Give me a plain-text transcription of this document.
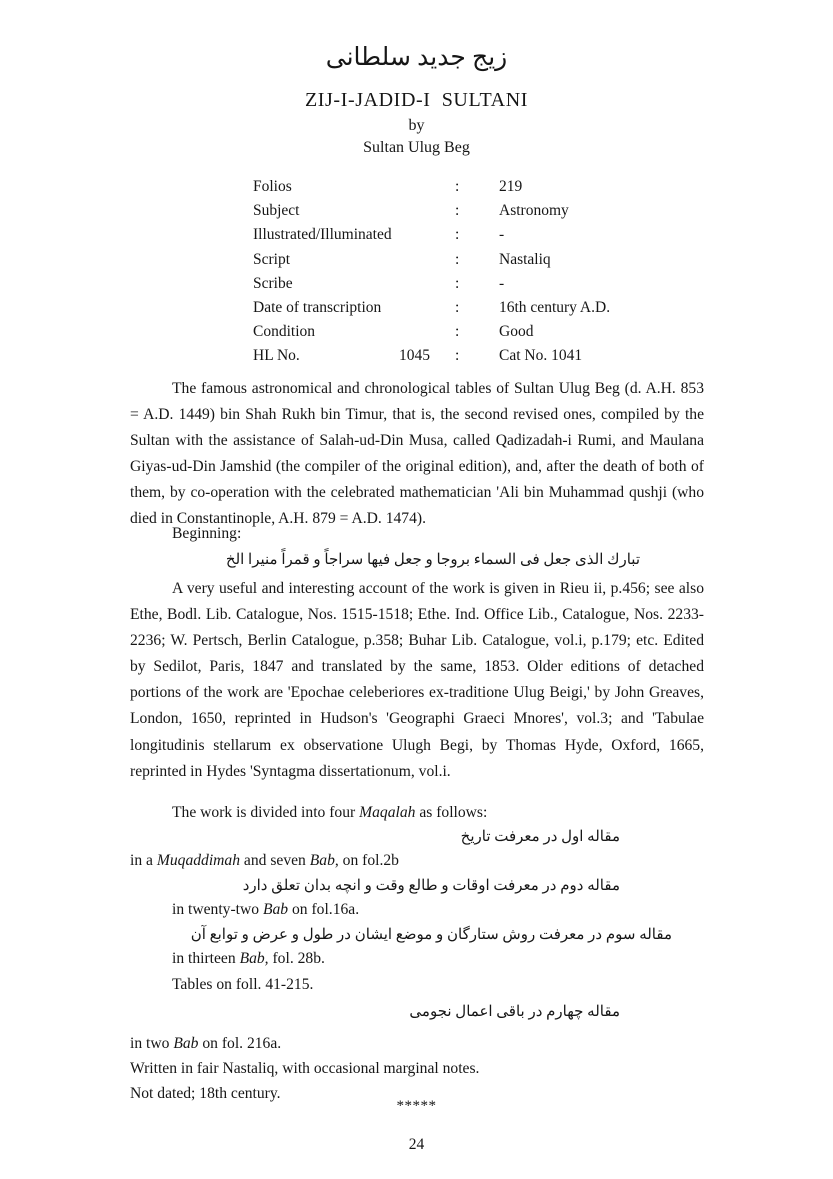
زيج جديد سلطانى
ZIJ-I-JADID-I  SULTANI
by
Sultan Ulug Beg
Folios		:	219
Subject		:	Astronomy
Illustrated/Illuminated		:	-
Script		:	Nastaliq
Scribe		:	-
Date of transcription		:	16th century A.D.
Condition		:	Good
HL No.	1045	:	Cat No. 1041
The famous astronomical and chronological tables of Sultan Ulug Beg (d. A.H. 853 = A.D. 1449) bin Shah Rukh bin Timur, that is, the second revised ones, compiled by the Sultan with the assistance of Salah-ud-Din Musa, called Qadizadah-i Rumi, and Maulana Giyas-ud-Din Jamshid (the compiler of the original edition), and, after the death of both of them, by co-operation with the celebrated mathematician 'Ali bin Muhammad qushji (who died in Constantinople, A.H. 879 = A.D. 1474).
Beginning:
تبارك الذى جعل فى السماء بروجا و جعل فيها سراجاً و قمراً منيرا الخ
A very useful and interesting account of the work is given in Rieu ii, p.456; see also Ethe, Bodl. Lib. Catalogue, Nos. 1515-1518; Ethe. Ind. Office Lib., Catalogue, Nos. 2233-2236; W. Pertsch, Berlin Catalogue, p.358; Buhar Lib. Catalogue, vol.i, p.179; etc. Edited by Sedilot, Paris, 1847 and translated by the same, 1853. Older editions of detached portions of the work are 'Epochae celeberiores ex-traditione Ulug Beigi,' by John Greaves, London, 1650, reprinted in Hudson's 'Geographi Graeci Mnores', vol.3; and 'Tabulae longitudinis stellarum ex observatione Ulugh Begi, by Thomas Hyde, Oxford, 1665, reprinted in Hydes 'Syntagma dissertationum, vol.i.
The work is divided into four Maqalah as follows:
مقاله اول در معرفت تاريخ
in a Muqaddimah and seven Bab, on fol.2b
مقاله دوم در معرفت اوقات و طالع وقت و انچه بدان تعلق دارد
in twenty-two Bab on fol.16a.
مقاله سوم در معرفت روش ستارگان و موضع ايشان در طول و عرض و توابع آن
in thirteen Bab, fol. 28b.
Tables on foll. 41-215.
مقاله چهارم در باقى اعمال نجومى
in two Bab on fol. 216a.
Written in fair Nastaliq, with occasional marginal notes.
Not dated; 18th century.
*****
24
